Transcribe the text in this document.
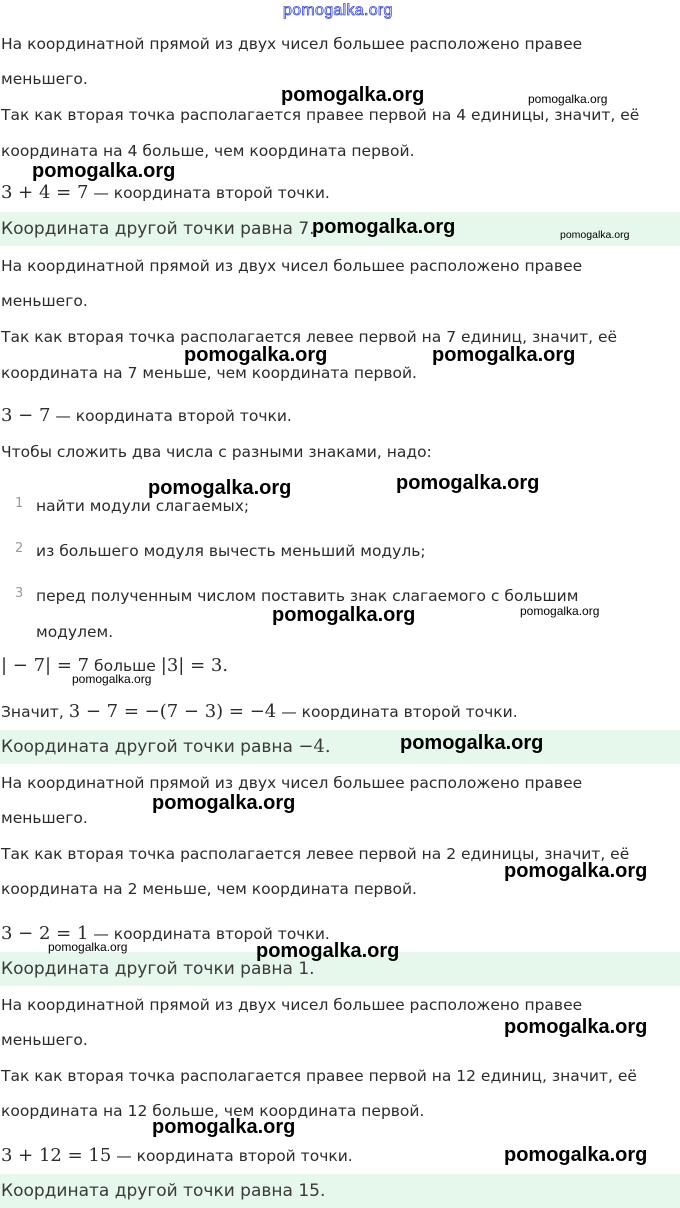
pomogalka.org
На координатной прямой из двух чисел большее расположено правее
меньшего.
Так как вторая точка располагается правее первой на 4 единицы, значит, её
координата на 4 больше, чем координата первой.
3 + 4 = 7 — координата второй точки.
Координата другой точки равна 7.
На координатной прямой из двух чисел большее расположено правее
меньшего.
Так как вторая точка располагается левее первой на 7 единиц, значит, её
координата на 7 меньше, чем координата первой.
3 − 7 — координата второй точки.
Чтобы сложить два числа с разными знаками, надо:
1 найти модули слагаемых;
2 из большего модуля вычесть меньший модуль;
3 перед полученным числом поставить знак слагаемого с большим
модулем.
| − 7| = 7 больше |3| = 3.
Значит, 3 − 7 = −(7 − 3) = −4 — координата второй точки.
Координата другой точки равна −4.
На координатной прямой из двух чисел большее расположено правее
меньшего.
Так как вторая точка располагается левее первой на 2 единицы, значит, её
координата на 2 меньше, чем координата первой.
3 − 2 = 1 — координата второй точки.
Координата другой точки равна 1.
На координатной прямой из двух чисел большее расположено правее
меньшего.
Так как вторая точка располагается правее первой на 12 единиц, значит, её
координата на 12 больше, чем координата первой.
3 + 12 = 15 — координата второй точки.
Координата другой точки равна 15.
pomogalka.org	pomogalka.org
pomogalka.org
pomogalka.org	pomogalka.org
pomogalka.org	pomogalka.org
pomogalka.org	pomogalka.org
pomogalka.org	pomogalka.org
pomogalka.org
pomogalka.org
pomogalka.org
pomogalka.org
pomogalka.org	pomogalka.org
pomogalka.org
pomogalka.org
pomogalka.org
